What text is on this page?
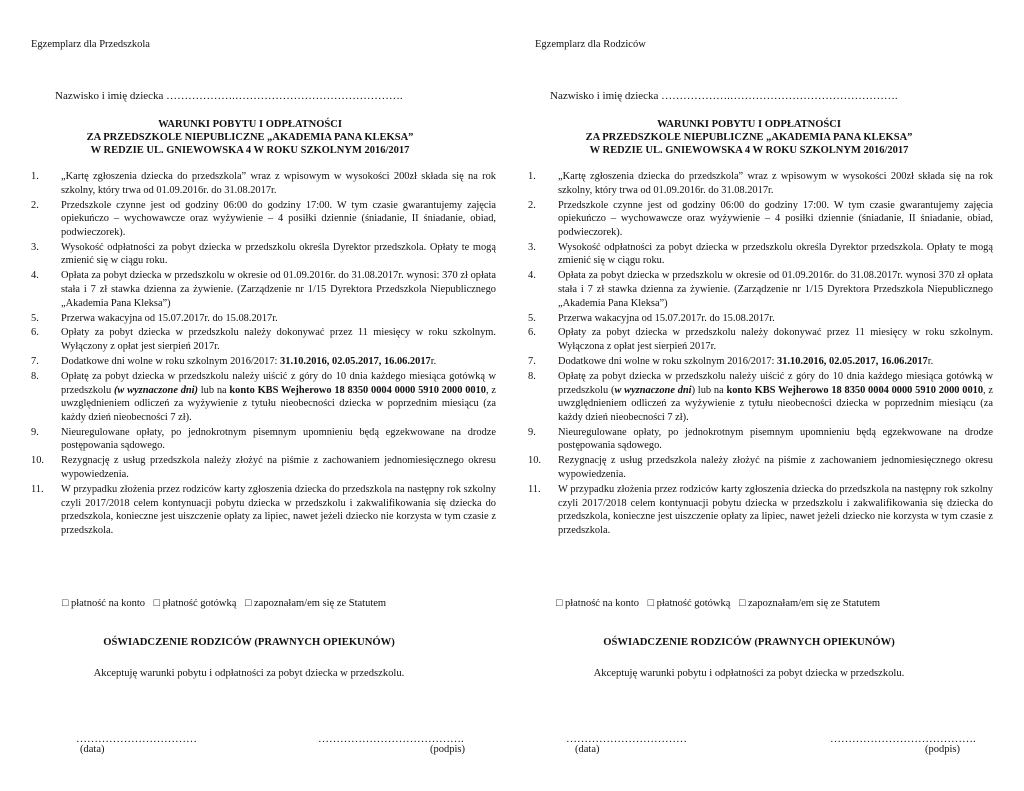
Egzemplarz dla Przedszkola
Nazwisko i imię dziecka ……………….……………………………………….
WARUNKI POBYTU I ODPŁATNOŚCI
ZA PRZEDSZKOLE NIEPUBLICZNE „AKADEMIA PANA KLEKSA”
W REDZIE UL. GNIEWOWSKA 4 W ROKU SZKOLNYM 2016/2017
1. „Kartę zgłoszenia dziecka do przedszkola” wraz z wpisowym w wysokości 200zł składa się na rok szkolny, który trwa od 01.09.2016r. do 31.08.2017r.
2. Przedszkole czynne jest od godziny 06:00 do godziny 17:00. W tym czasie gwarantujemy zajęcia opiekuńczo – wychowawcze oraz wyżywienie – 4 posiłki dziennie (śniadanie, II śniadanie, obiad, podwieczorek).
3. Wysokość odpłatności za pobyt dziecka w przedszkolu określa Dyrektor przedszkola. Opłaty te mogą zmienić się w ciągu roku.
4. Opłata za pobyt dziecka w przedszkolu w okresie od 01.09.2016r. do 31.08.2017r. wynosi: 370 zł opłata stała i 7 zł stawka dzienna za żywienie. (Zarządzenie nr 1/15 Dyrektora Przedszkola Niepublicznego „Akademia Pana Kleksa”)
5. Przerwa wakacyjna od 15.07.2017r. do 15.08.2017r.
6. Opłaty za pobyt dziecka w przedszkolu należy dokonywać przez 11 miesięcy w roku szkolnym. Wyłączony z opłat jest sierpień 2017r.
7. Dodatkowe dni wolne w roku szkolnym 2016/2017: 31.10.2016, 02.05.2017, 16.06.2017r.
8. Opłatę za pobyt dziecka w przedszkolu należy uiścić z góry do 10 dnia każdego miesiąca gotówką w przedszkolu (w wyznaczone dni) lub na konto KBS Wejherowo 18 8350 0004 0000 5910 2000 0010, z uwzględnieniem odliczeń za wyżywienie z tytułu nieobecności dziecka w poprzednim miesiącu (za każdy dzień nieobecności 7 zł).
9. Nieuregulowane opłaty, po jednokrotnym pisemnym upomnieniu będą egzekwowane na drodze postępowania sądowego.
10. Rezygnację z usług przedszkola należy złożyć na piśmie z zachowaniem jednomiesięcznego okresu wypowiedzenia.
11. W przypadku złożenia przez rodziców karty zgłoszenia dziecka do przedszkola na następny rok szkolny czyli 2017/2018 celem kontynuacji pobytu dziecka w przedszkolu i zakwalifikowania się dziecka do przedszkola, konieczne jest uiszczenie opłaty za lipiec, nawet jeżeli dziecko nie korzysta w tym czasie z przedszkola.
□ płatność na konto □ płatność gotówką □ zapoznałam/em się ze Statutem
OŚWIADCZENIE RODZICÓW (PRAWNYCH OPIEKUNÓW)
Akceptuję warunki pobytu i odpłatności za pobyt dziecka w przedszkolu.
……………………………	………………………………….
(data)	(podpis)
Egzemplarz dla Rodziców
Nazwisko i imię dziecka ……………….……………………………………….
WARUNKI POBYTU I ODPŁATNOŚCI
ZA PRZEDSZKOLE NIEPUBLICZNE „AKADEMIA PANA KLEKSA”
W REDZIE UL. GNIEWOWSKA 4 W ROKU SZKOLNYM 2016/2017
1. „Kartę zgłoszenia dziecka do przedszkola” wraz z wpisowym w wysokości 200zł składa się na rok szkolny, który trwa od 01.09.2016r. do 31.08.2017r.
2. Przedszkole czynne jest od godziny 06:00 do godziny 17:00. W tym czasie gwarantujemy zajęcia opiekuńczo – wychowawcze oraz wyżywienie – 4 posiłki dziennie (śniadanie, II śniadanie, obiad, podwieczorek).
3. Wysokość odpłatności za pobyt dziecka w przedszkolu określa Dyrektor przedszkola. Opłaty te mogą zmienić się w ciągu roku.
4. Opłata za pobyt dziecka w przedszkolu w okresie od 01.09.2016r. do 31.08.2017r. wynosi 370 zł opłata stała i 7 zł stawka dzienna za żywienie. (Zarządzenie nr 1/15 Dyrektora Przedszkola Niepublicznego „Akademia Pana Kleksa”)
5. Przerwa wakacyjna od 15.07.2017r. do 15.08.2017r.
6. Opłaty za pobyt dziecka w przedszkolu należy dokonywać przez 11 miesięcy w roku szkolnym. Wyłączona z opłat jest sierpień 2017r.
7. Dodatkowe dni wolne w roku szkolnym 2016/2017: 31.10.2016, 02.05.2017, 16.06.2017r.
8. Opłatę za pobyt dziecka w przedszkolu należy uiścić z góry do 10 dnia każdego miesiąca gotówką w przedszkolu (w wyznaczone dni) lub na konto KBS Wejherowo 18 8350 0004 0000 5910 2000 0010, z uwzględnieniem odliczeń za wyżywienie z tytułu nieobecności dziecka w poprzednim miesiącu (za każdy dzień nieobecności 7 zł).
9. Nieuregulowane opłaty, po jednokrotnym pisemnym upomnieniu będą egzekwowane na drodze postępowania sądowego.
10. Rezygnację z usług przedszkola należy złożyć na piśmie z zachowaniem jednomiesięcznego okresu wypowiedzenia.
11. W przypadku złożenia przez rodziców karty zgłoszenia dziecka do przedszkola na następny rok szkolny czyli 2017/2018 celem kontynuacji pobytu dziecka w przedszkolu i zakwalifikowania się dziecka do przedszkola, konieczne jest uiszczenie opłaty za lipiec, nawet jeżeli dziecko nie korzysta w tym czasie z przedszkola.
□ płatność na konto □ płatność gotówką □ zapoznałam/em się ze Statutem
OŚWIADCZENIE RODZICÓW (PRAWNYCH OPIEKUNÓW)
Akceptuję warunki pobytu i odpłatności za pobyt dziecka w przedszkolu.
……………………………	………………………………….
(data)	(podpis)
